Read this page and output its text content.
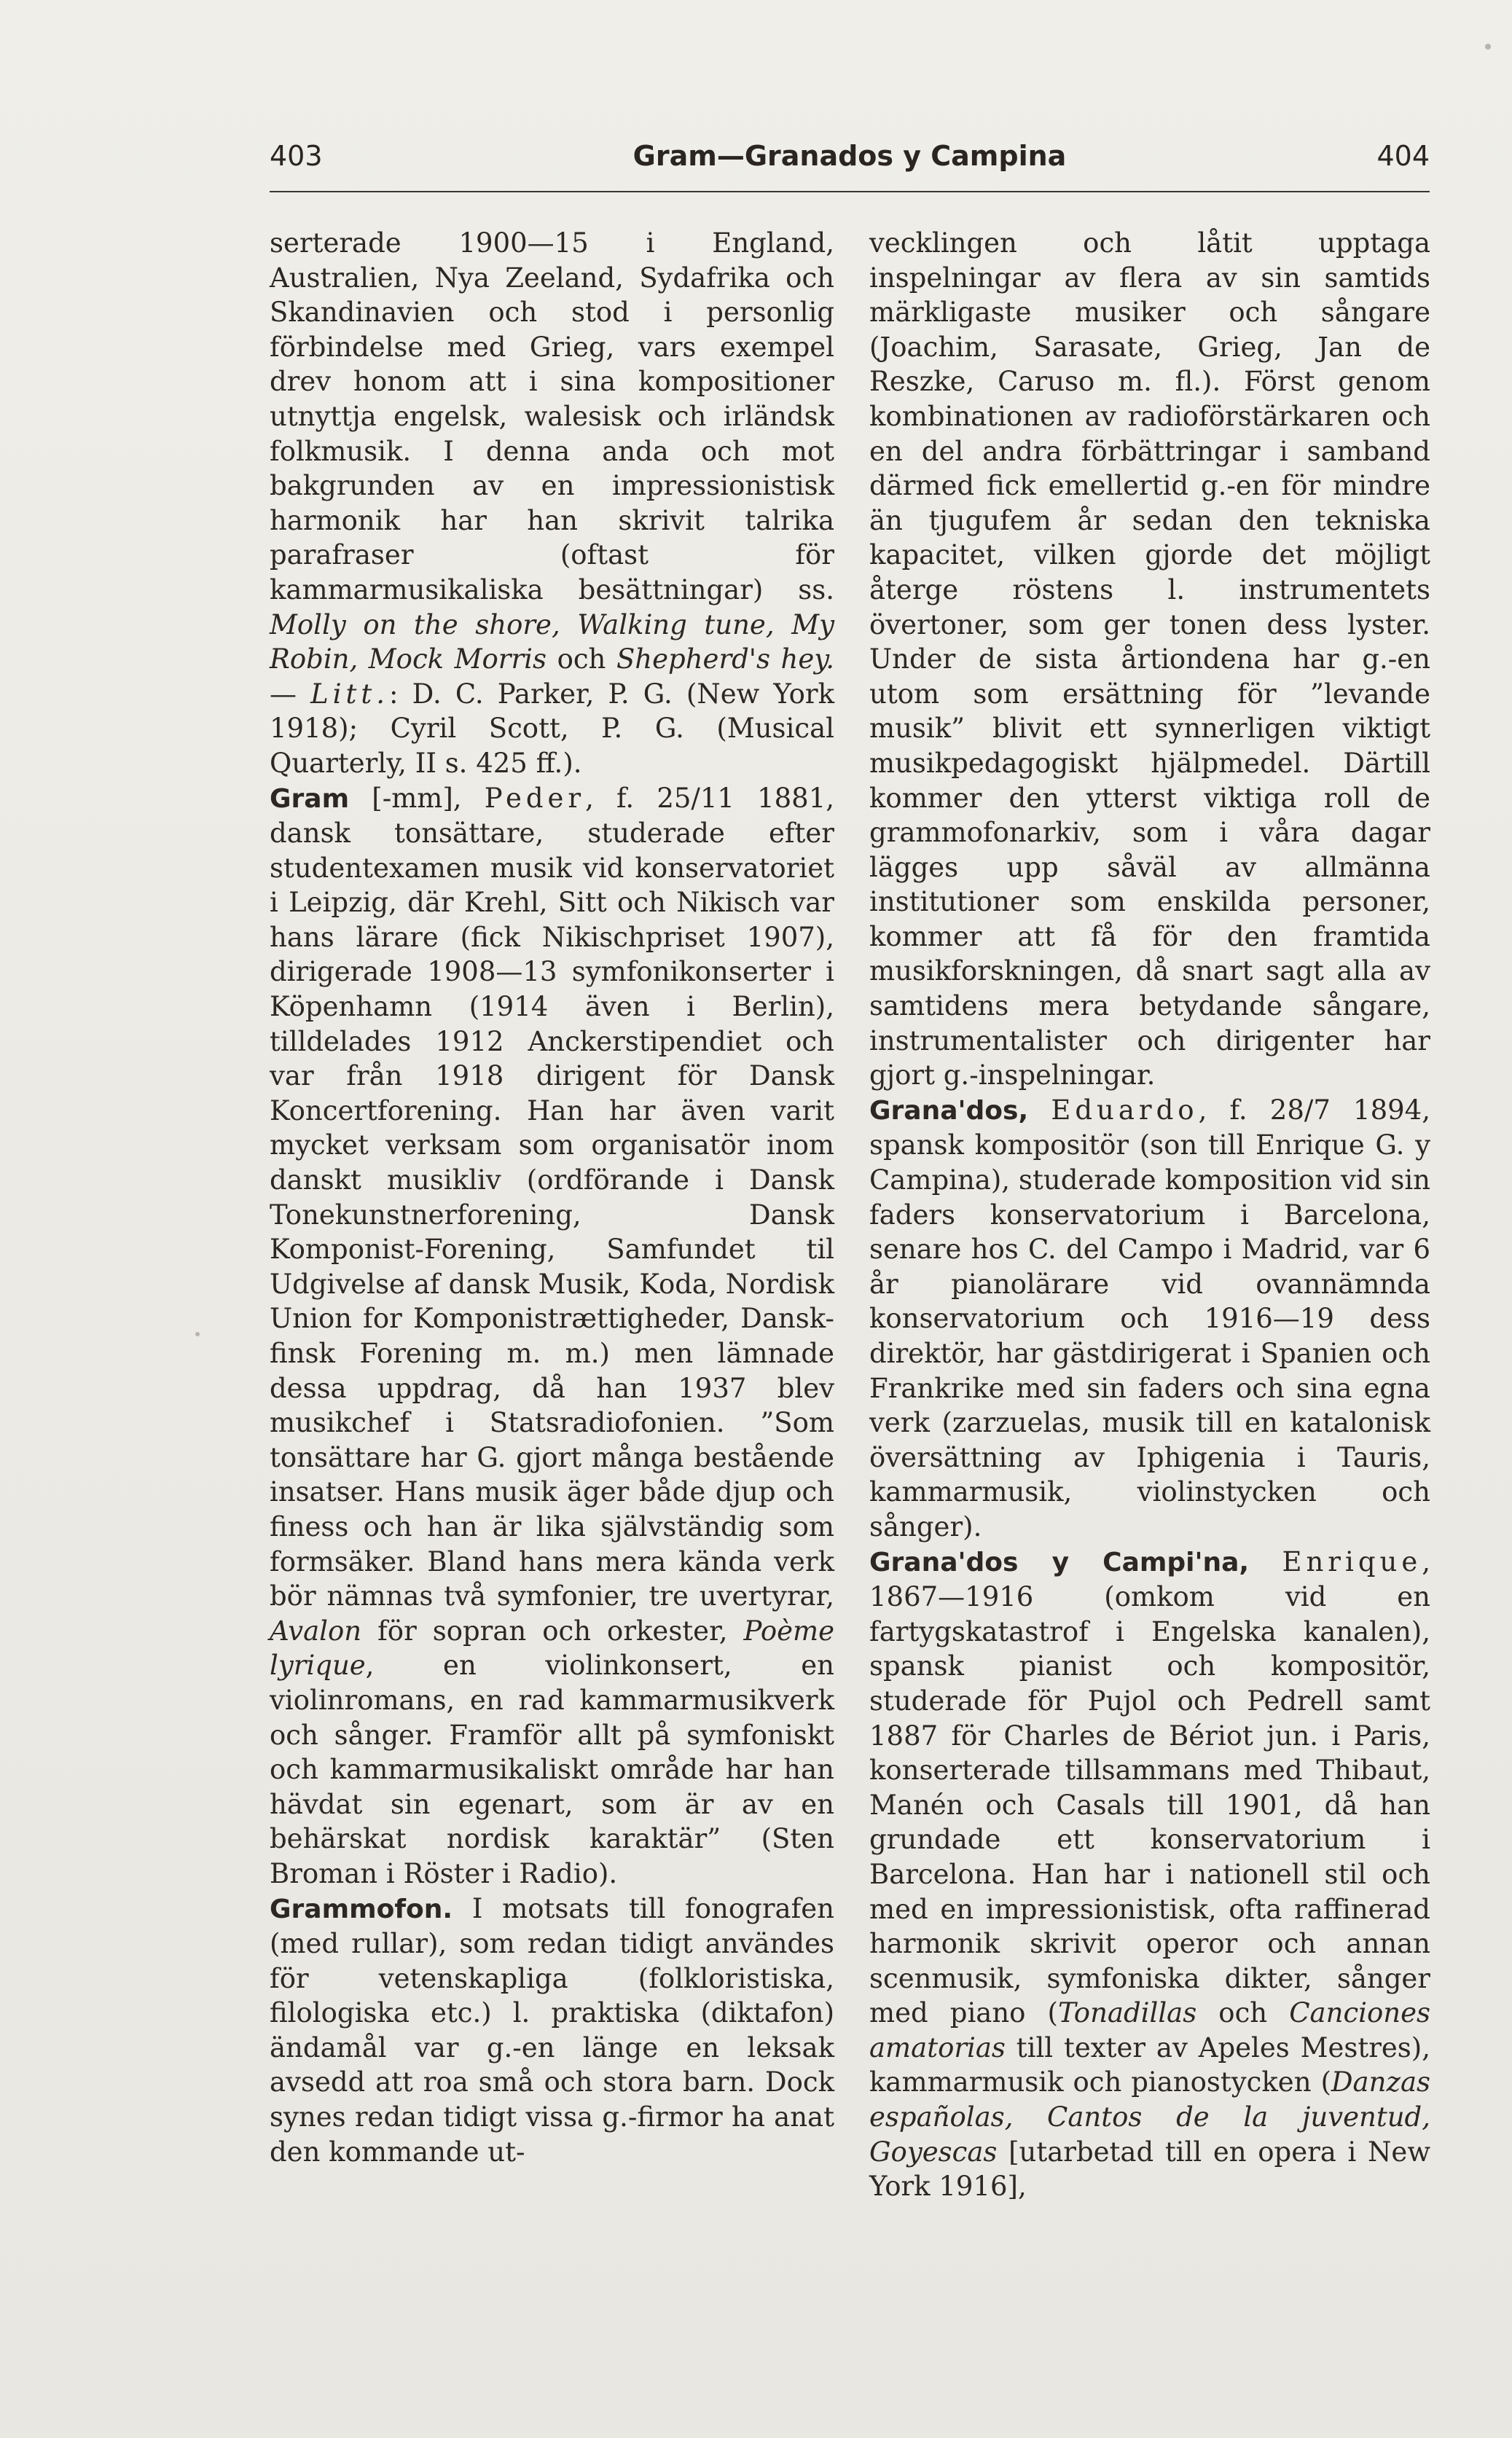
403	Gram—Granados y Campina	404

serterade 1900—15 i England, Australien, Nya Zeeland, Sydafrika och Skandinavien och stod i personlig förbindelse med Grieg, vars exempel drev honom att i sina kompositioner utnyttja engelsk, walesisk och irländsk folkmusik. I denna anda och mot bakgrunden av en impressionistisk harmonik har han skrivit talrika parafraser (oftast för kammarmusikaliska besättningar) ss. Molly on the shore, Walking tune, My Robin, Mock Morris och Shepherd's hey. — Litt.: D. C. Parker, P. G. (New York 1918); Cyril Scott, P. G. (Musical Quarterly, II s. 425 ff.).

Gram [-mm], Peder, f. 25/11 1881, dansk tonsättare, studerade efter studentexamen musik vid konservatoriet i Leipzig, där Krehl, Sitt och Nikisch var hans lärare (fick Nikischpriset 1907), dirigerade 1908—13 symfonikonserter i Köpenhamn (1914 även i Berlin), tilldelades 1912 Anckerstipendiet och var från 1918 dirigent för Dansk Koncertforening. Han har även varit mycket verksam som organisatör inom danskt musikliv (ordförande i Dansk Tonekunstnerforening, Dansk Komponist-Forening, Samfundet til Udgivelse af dansk Musik, Koda, Nordisk Union for Komponistrættigheder, Dansk-finsk Forening m. m.) men lämnade dessa uppdrag, då han 1937 blev musikchef i Statsradiofonien. ”Som tonsättare har G. gjort många bestående insatser. Hans musik äger både djup och finess och han är lika självständig som formsäker. Bland hans mera kända verk bör nämnas två symfonier, tre uvertyrar, Avalon för sopran och orkester, Poème lyrique, en violinkonsert, en violinromans, en rad kammarmusikverk och sånger. Framför allt på symfoniskt och kammarmusikaliskt område har han hävdat sin egenart, som är av en behärskat nordisk karaktär” (Sten Broman i Röster i Radio).

Grammofon. I motsats till fonografen (med rullar), som redan tidigt användes för vetenskapliga (folkloristiska, filologiska etc.) l. praktiska (diktafon) ändamål var g.-en länge en leksak avsedd att roa små och stora barn. Dock synes redan tidigt vissa g.-firmor ha anat den kommande ut-

vecklingen och låtit upptaga inspelningar av flera av sin samtids märkligaste musiker och sångare (Joachim, Sarasate, Grieg, Jan de Reszke, Caruso m. fl.). Först genom kombinationen av radioförstärkaren och en del andra förbättringar i samband därmed fick emellertid g.-en för mindre än tjugufem år sedan den tekniska kapacitet, vilken gjorde det möjligt återge röstens l. instrumentets övertoner, som ger tonen dess lyster. Under de sista årtiondena har g.-en utom som ersättning för ”levande musik” blivit ett synnerligen viktigt musikpedagogiskt hjälpmedel. Därtill kommer den ytterst viktiga roll de grammofonarkiv, som i våra dagar lägges upp såväl av allmänna institutioner som enskilda personer, kommer att få för den framtida musikforskningen, då snart sagt alla av samtidens mera betydande sångare, instrumentalister och dirigenter har gjort g.-inspelningar.

Grana'dos, Eduardo, f. 28/7 1894, spansk kompositör (son till Enrique G. y Campina), studerade komposition vid sin faders konservatorium i Barcelona, senare hos C. del Campo i Madrid, var 6 år pianolärare vid ovannämnda konservatorium och 1916—19 dess direktör, har gästdirigerat i Spanien och Frankrike med sin faders och sina egna verk (zarzuelas, musik till en katalonisk översättning av Iphigenia i Tauris, kammarmusik, violinstycken och sånger).

Grana'dos y Campi'na, Enrique, 1867—1916 (omkom vid en fartygskatastrof i Engelska kanalen), spansk pianist och kompositör, studerade för Pujol och Pedrell samt 1887 för Charles de Bériot jun. i Paris, konserterade tillsammans med Thibaut, Manén och Casals till 1901, då han grundade ett konservatorium i Barcelona. Han har i nationell stil och med en impressionistisk, ofta raffinerad harmonik skrivit operor och annan scenmusik, symfoniska dikter, sånger med piano (Tonadillas och Canciones amatorias till texter av Apeles Mestres), kammarmusik och pianostycken (Danzas españolas, Cantos de la juventud, Goyescas [utarbetad till en opera i New York 1916],
